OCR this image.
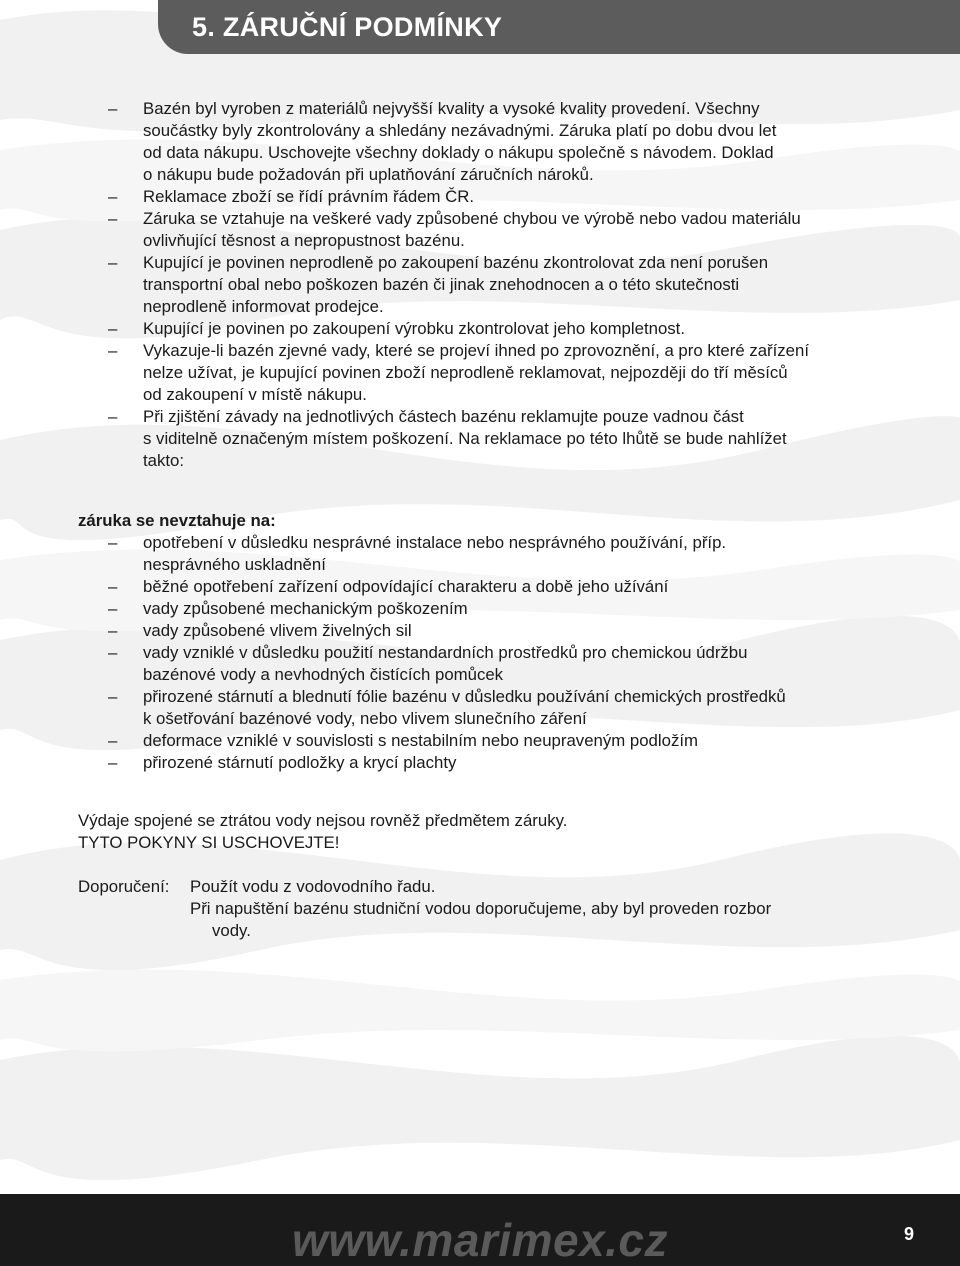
5. ZÁRUČNÍ PODMÍNKY
– Bazén byl vyroben z materiálů nejvyšší kvality a vysoké kvality provedení. Všechny
součástky byly zkontrolovány a shledány nezávadnými. Záruka platí po dobu dvou let
od data nákupu. Uschovejte všechny doklady o nákupu společně s návodem. Doklad
o nákupu bude požadován při uplatňování záručních nároků.
– Reklamace zboží se řídí právním řádem ČR.
– Záruka se vztahuje na veškeré vady způsobené chybou ve výrobě nebo vadou materiálu
ovlivňující těsnost a nepropustnost bazénu.
– Kupující je povinen neprodleně po zakoupení bazénu zkontrolovat zda není porušen
transportní obal nebo poškozen bazén či jinak znehodnocen a o této skutečnosti
neprodleně informovat prodejce.
– Kupující je povinen po zakoupení výrobku zkontrolovat jeho kompletnost.
– Vykazuje-li bazén zjevné vady, které se projeví ihned po zprovoznění, a pro které zařízení
nelze užívat, je kupující povinen zboží neprodleně reklamovat, nejpozději do tří měsíců
od zakoupení v místě nákupu.
– Při zjištění závady na jednotlivých částech bazénu reklamujte pouze vadnou část
s viditelně označeným místem poškození. Na reklamace po této lhůtě se bude nahlížet
takto:
záruka se nevztahuje na:
– opotřebení v důsledku nesprávné instalace nebo nesprávného používání, příp.
nesprávného uskladnění
– běžné opotřebení zařízení odpovídající charakteru a době jeho užívání
– vady způsobené mechanickým poškozením
– vady způsobené vlivem živelných sil
– vady vzniklé v důsledku použití nestandardních prostředků pro chemickou údržbu
bazénové vody a nevhodných čistících pomůcek
– přirozené stárnutí a blednutí fólie bazénu v důsledku používání chemických prostředků
k ošetřování bazénové vody, nebo vlivem slunečního záření
– deformace vzniklé v souvislosti s nestabilním nebo neupraveným podložím
– přirozené stárnutí podložky a krycí plachty

Výdaje spojené se ztrátou vody nejsou rovněž předmětem záruky.

TYTO POKYNY SI USCHOVEJTE!

Doporučení:	Použít vodu z vodovodního řadu.
Při napuštění bazénu studniční vodou doporučujeme, aby byl proveden rozbor
vody.
www.marimex.cz	9
